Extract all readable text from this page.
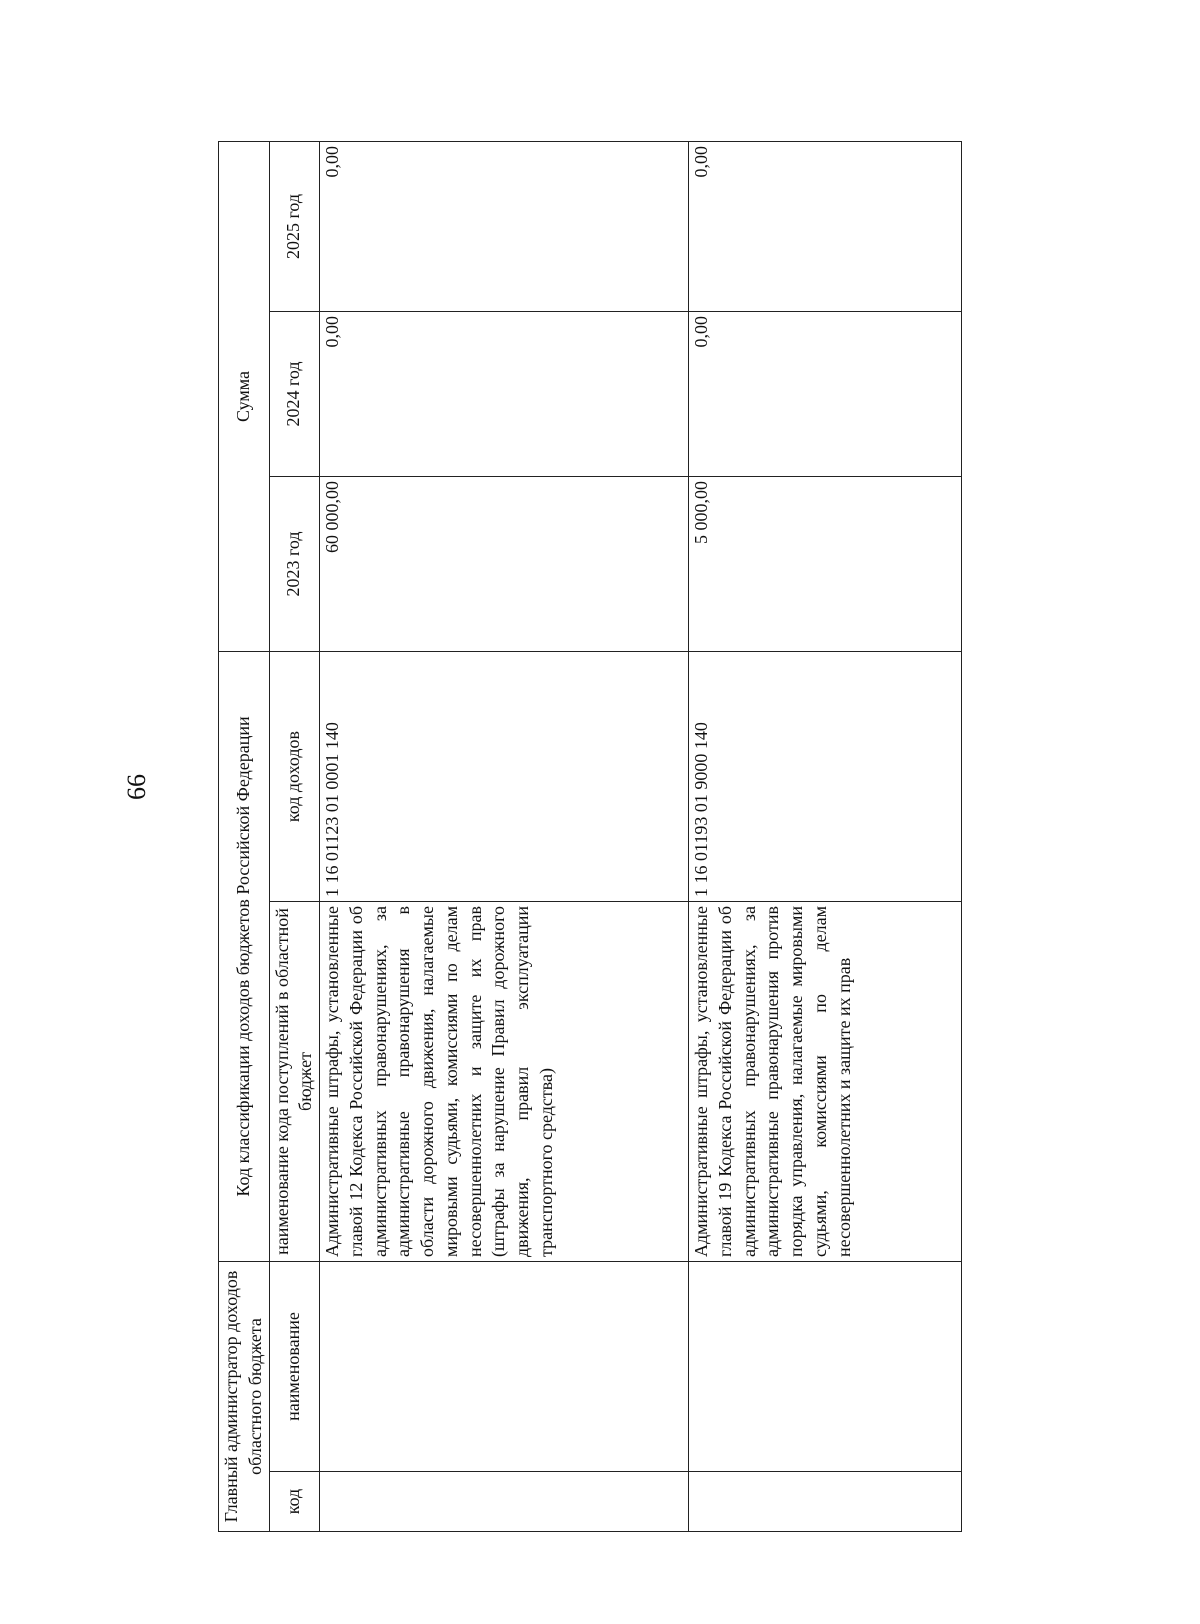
66
Главный администратор доходов областного бюджета		Код классификации доходов бюджетов Российской Федерации		Сумма		
код	наименование	наименование кода поступлений в областной бюджет	код доходов	2023 год	2024 год	2025 год
		Административные штрафы, установленные главой 12 Кодекса Российской Федерации об административных правонарушениях, за административные правонарушения в области дорожного движения, налагаемые мировыми судьями, комиссиями по делам несовершеннолетних и защите их прав (штрафы за нарушение Правил дорожного движения, правил эксплуатации транспортного средства)	1 16 01123 01 0001 140	60 000,00	0,00	0,00
		Административные штрафы, установленные главой 19 Кодекса Российской Федерации об административных правонарушениях, за административные правонарушения против порядка управления, налагаемые мировыми судьями, комиссиями по делам несовершеннолетних и защите их прав	1 16 01193 01 9000 140	5 000,00	0,00	0,00
